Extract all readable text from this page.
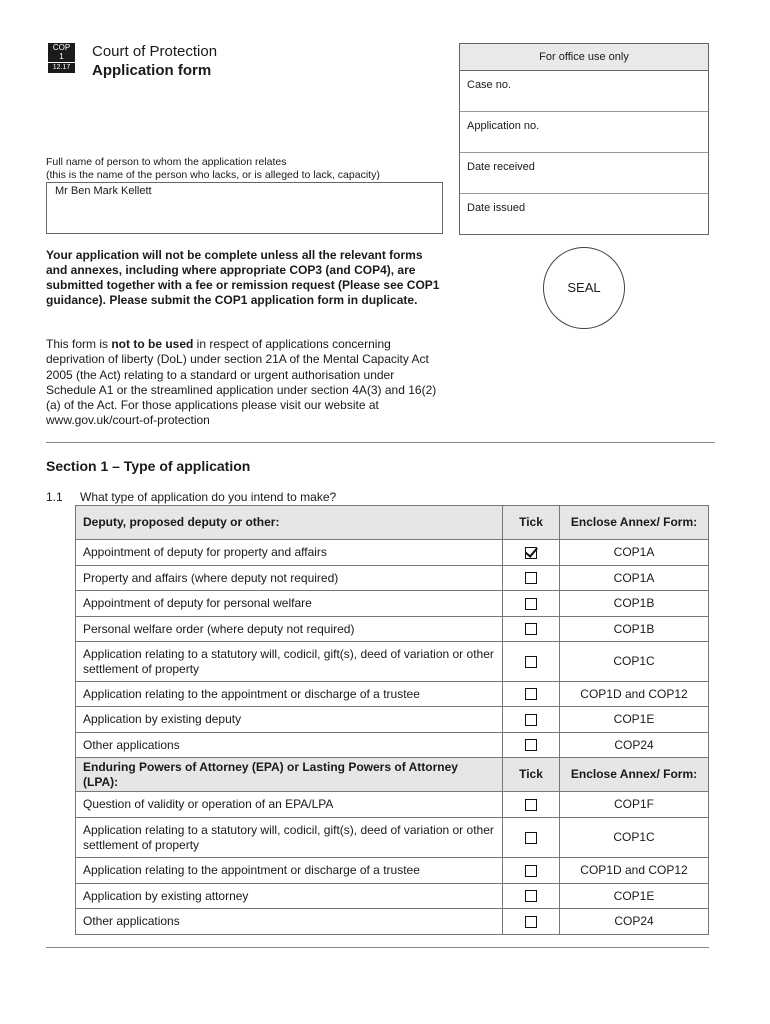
COP
1
12.17
Court of Protection
Application form
For office use only
Case no.
Application no.
Date received
Date issued
Full name of person to whom the application relates
(this is the name of the person who lacks, or is alleged to lack, capacity)
Mr Ben Mark Kellett
SEAL
Your application will not be complete unless all the relevant forms and annexes, including where appropriate COP3 (and COP4), are submitted together with a fee or remission request (Please see COP1 guidance). Please submit the COP1 application form in duplicate.
This form is not to be used in respect of applications concerning deprivation of liberty (DoL) under section 21A of the Mental Capacity Act 2005 (the Act) relating to a standard or urgent authorisation under Schedule A1 or the streamlined application under section 4A(3) and 16(2)(a) of the Act. For those applications please visit our website at www.gov.uk/court-of-protection
Section 1 – Type of application
1.1 What type of application do you intend to make?
Deputy, proposed deputy or other:	Tick	Enclose Annex/ Form:
Appointment of deputy for property and affairs		COP1A
Property and affairs (where deputy not required)		COP1A
Appointment of deputy for personal welfare		COP1B
Personal welfare order (where deputy not required)		COP1B
Application relating to a statutory will, codicil, gift(s), deed of variation or other settlement of property		COP1C
Application relating to the appointment or discharge of a trustee		COP1D and COP12
Application by existing deputy		COP1E
Other applications		COP24
Enduring Powers of Attorney (EPA) or Lasting Powers of Attorney (LPA):	Tick	Enclose Annex/ Form:
Question of validity or operation of an EPA/LPA		COP1F
Application relating to a statutory will, codicil, gift(s), deed of variation or other settlement of property		COP1C
Application relating to the appointment or discharge of a trustee		COP1D and COP12
Application by existing attorney		COP1E
Other applications		COP24
